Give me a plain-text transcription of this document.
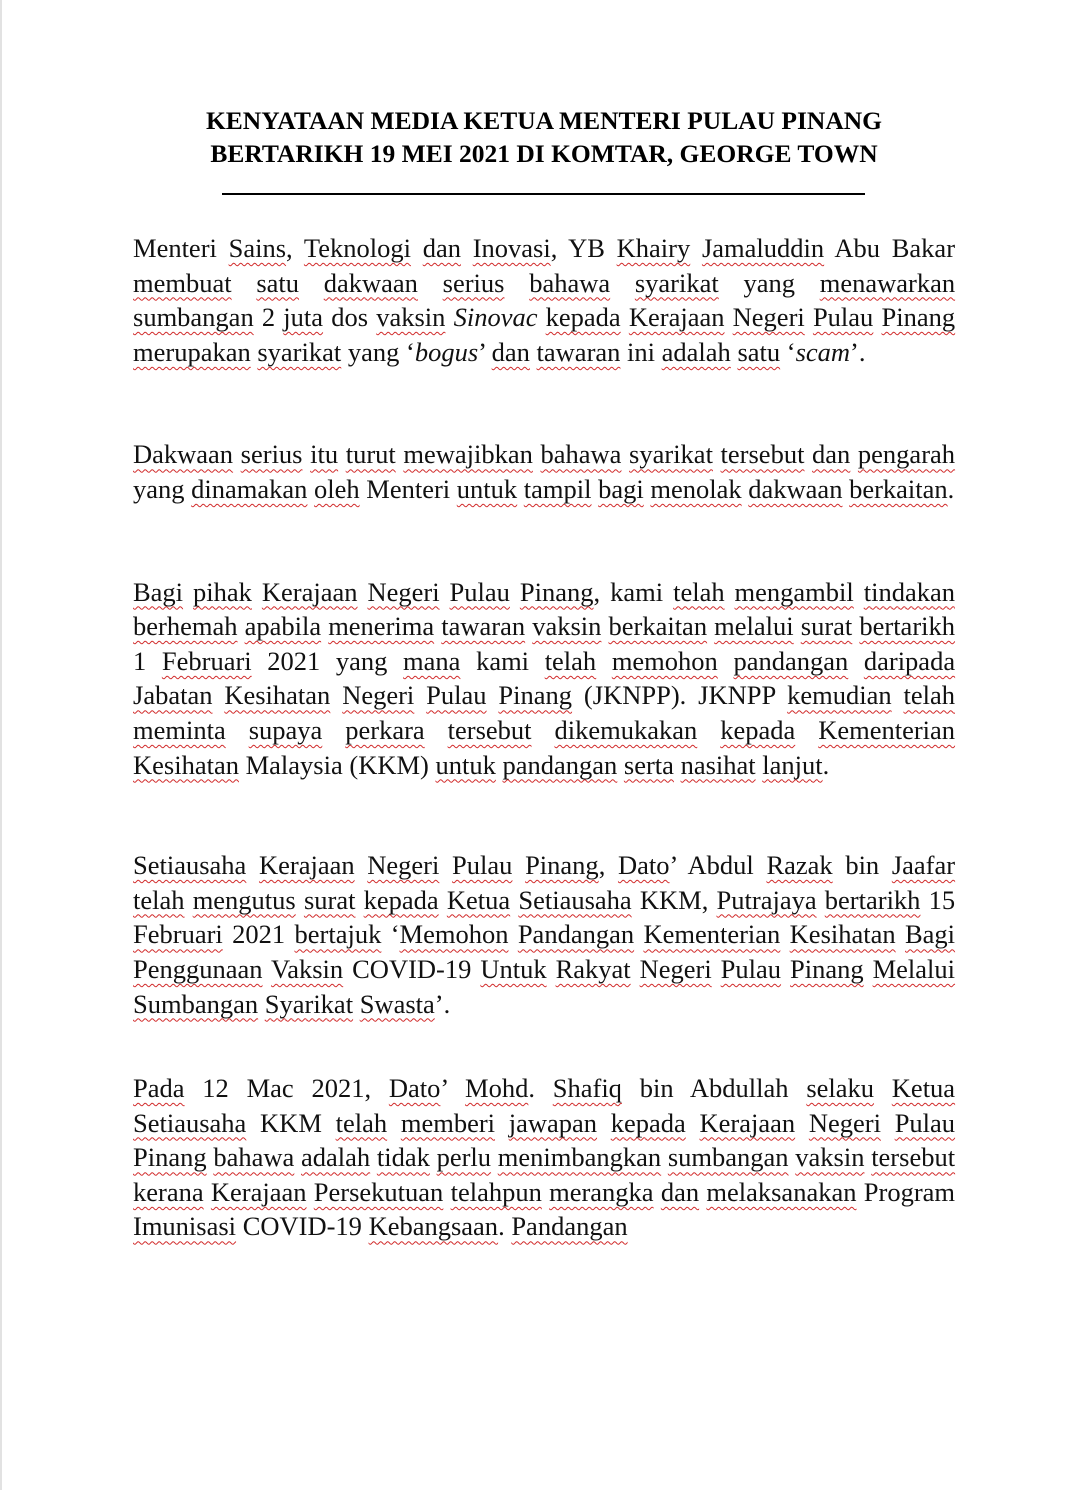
KENYATAAN MEDIA KETUA MENTERI PULAU PINANG
BERTARIKH 19 MEI 2021 DI KOMTAR, GEORGE TOWN

Menteri Sains, Teknologi dan Inovasi, YB Khairy Jamaluddin Abu Bakar membuat satu dakwaan serius bahawa syarikat yang menawarkan sumbangan 2 juta dos vaksin Sinovac kepada Kerajaan Negeri Pulau Pinang merupakan syarikat yang ‘bogus’ dan tawaran ini adalah satu ‘scam’.

Dakwaan serius itu turut mewajibkan bahawa syarikat tersebut dan pengarah yang dinamakan oleh Menteri untuk tampil bagi menolak dakwaan berkaitan.

Bagi pihak Kerajaan Negeri Pulau Pinang, kami telah mengambil tindakan berhemah apabila menerima tawaran vaksin berkaitan melalui surat bertarikh 1 Februari 2021 yang mana kami telah memohon pandangan daripada Jabatan Kesihatan Negeri Pulau Pinang (JKNPP). JKNPP kemudian telah meminta supaya perkara tersebut dikemukakan kepada Kementerian Kesihatan Malaysia (KKM) untuk pandangan serta nasihat lanjut.

Setiausaha Kerajaan Negeri Pulau Pinang, Dato’ Abdul Razak bin Jaafar telah mengutus surat kepada Ketua Setiausaha KKM, Putrajaya bertarikh 15 Februari 2021 bertajuk ‘Memohon Pandangan Kementerian Kesihatan Bagi Penggunaan Vaksin COVID-19 Untuk Rakyat Negeri Pulau Pinang Melalui Sumbangan Syarikat Swasta’.

Pada 12 Mac 2021, Dato’ Mohd. Shafiq bin Abdullah selaku Ketua Setiausaha KKM telah memberi jawapan kepada Kerajaan Negeri Pulau Pinang bahawa adalah tidak perlu menimbangkan sumbangan vaksin tersebut kerana Kerajaan Persekutuan telahpun merangka dan melaksanakan Program Imunisasi COVID-19 Kebangsaan. Pandangan
